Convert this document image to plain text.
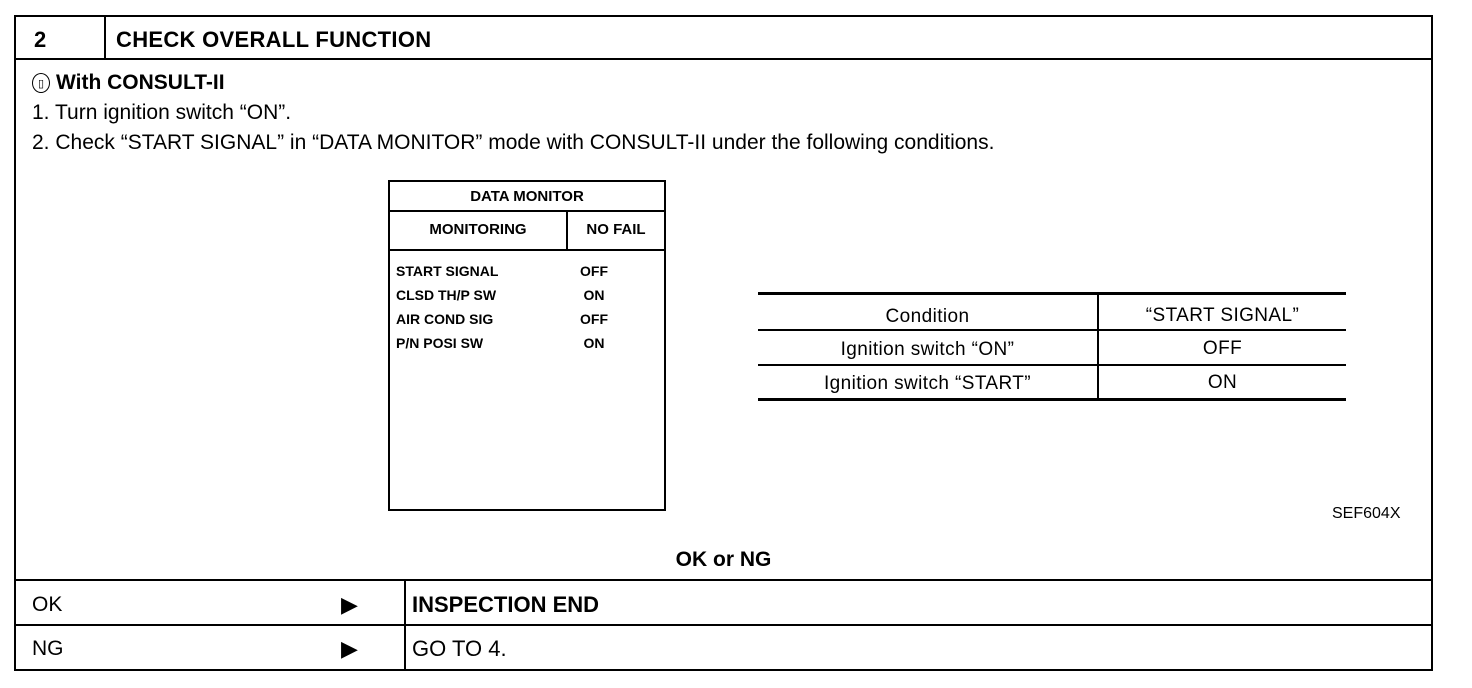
2	CHECK OVERALL FUNCTION
▯ With CONSULT-II
1. Turn ignition switch “ON”.
2. Check “START SIGNAL” in “DATA MONITOR” mode with CONSULT-II under the following conditions.
DATA MONITOR
MONITORING	NO FAIL
START SIGNAL	OFF
CLSD TH/P SW	ON
AIR COND SIG	OFF
P/N POSI SW	ON
Condition	“START SIGNAL”
Ignition switch “ON”	OFF
Ignition switch “START”	ON
SEF604X
OK or NG
OK	▶ INSPECTION END
NG	▶ GO TO 4.
